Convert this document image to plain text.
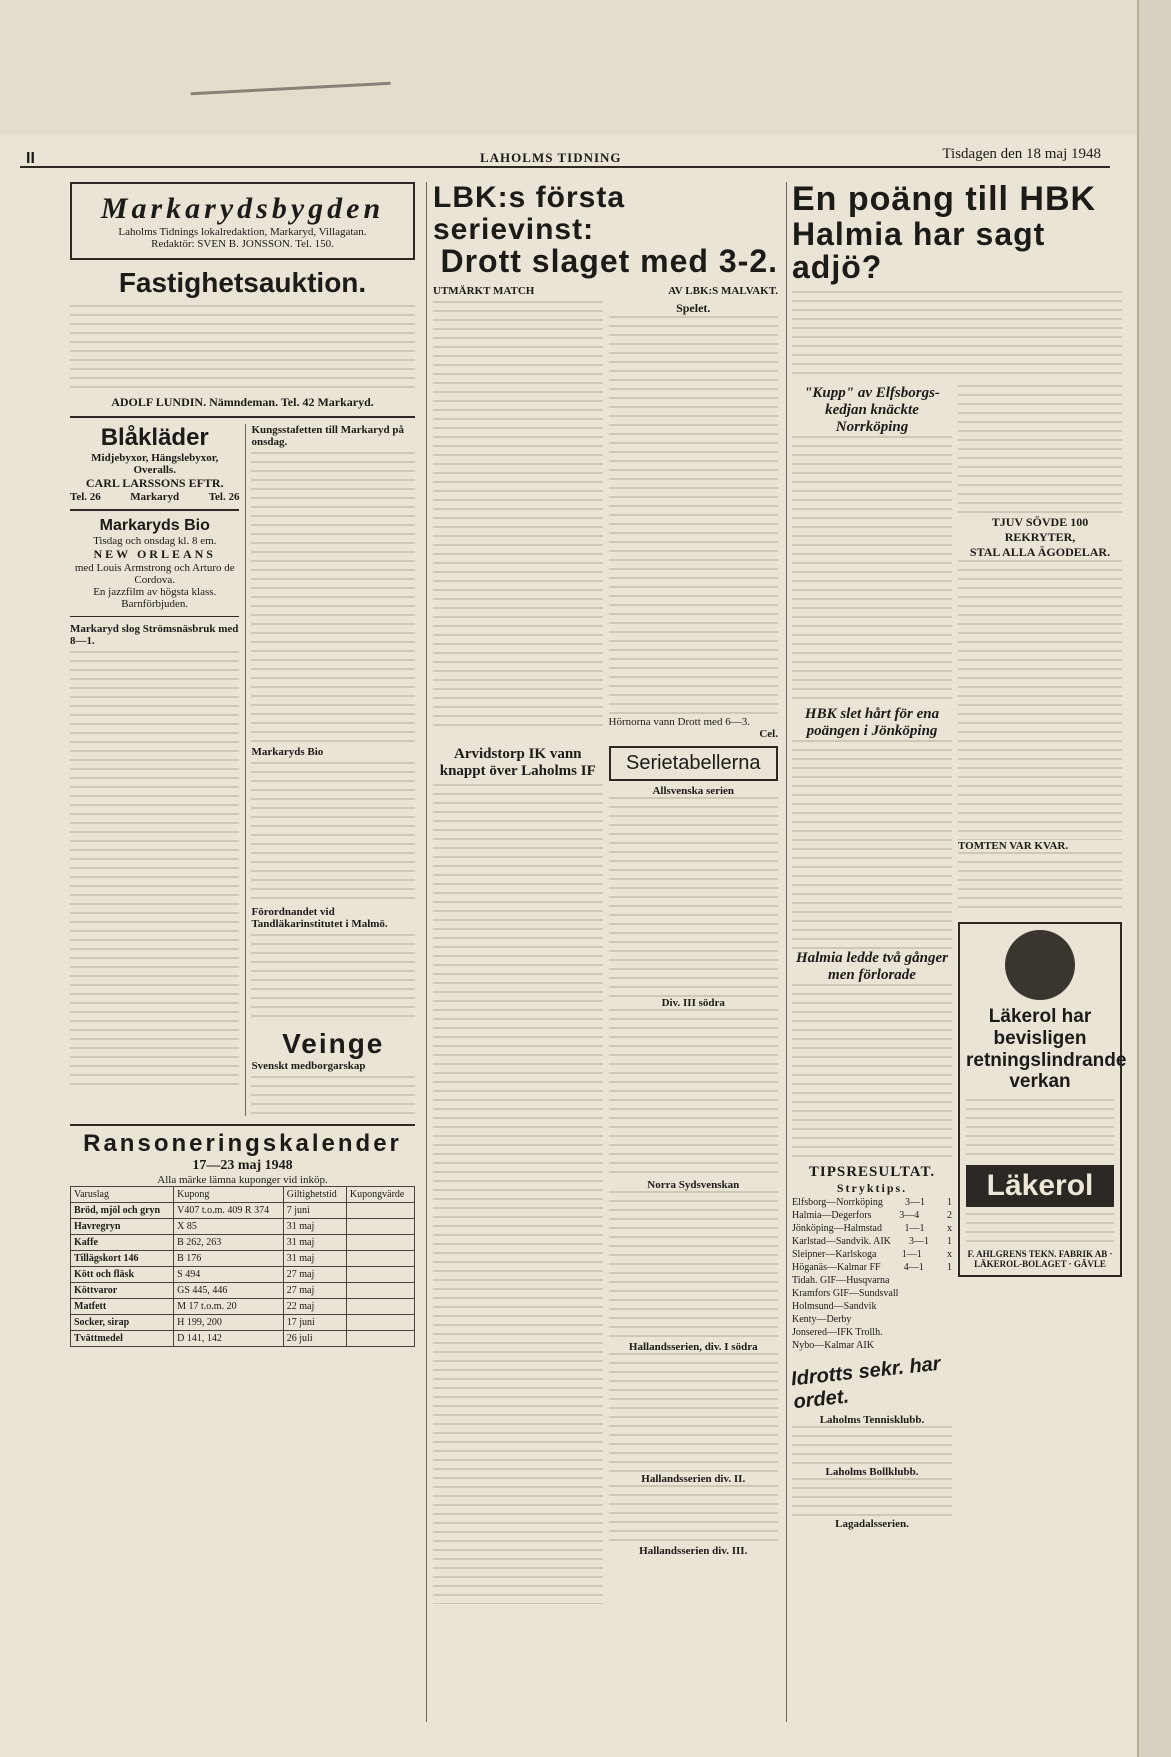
II	LAHOLMS TIDNING	Tisdagen den 18 maj 1948
Markarydsbygden
Laholms Tidnings lokalredaktion, Markaryd, Villagatan.
Redaktör: SVEN B. JONSSON. Tel. 150.
Fastighetsauktion.
ADOLF LUNDIN. Nämndeman. Tel. 42 Markaryd.
Blåkläder
Midjebyxor, Hängslebyxor, Overalls.
CARL LARSSONS EFTR.
Tel. 26	Markaryd	Tel. 26
Markaryds Bio
Tisdag och onsdag kl. 8 em.
NEW ORLEANS
med Louis Armstrong och Arturo de Cordova.
En jazzfilm av högsta klass. Barnförbjuden.
Markaryd slog Strömsnäsbruk med 8—1.
Kungsstafetten till Markaryd på onsdag.
Markaryds Bio
Förordnandet vid Tandläkarinstitutet i Malmö.
Veinge
Svenskt medborgarskap
Ransoneringskalender
17—23 maj 1948
Alla märke lämna kuponger vid inköp.
Varuslag	Kupong	Giltighetstid	Kupongvärde
Bröd, mjöl och gryn	V407 t.o.m. 409 R 374	7 juni	
Havregryn	X 85	31 maj	
Kaffe	B 262, 263	31 maj	
Tillägskort 146	B 176	31 maj	
Kött och fläsk	S 494	27 maj	
Köttvaror	GS 445, 446	27 maj	
Matfett	M 17 t.o.m. 20	22 maj	
Socker, sirap	H 199, 200	17 juni	
Tvättmedel	D 141, 142	26 juli	
LBK:s första serievinst:
Drott slaget med 3-2.
UTMÄRKT MATCH	AV LBK:S MALVAKT.
Spelet.
Hörnorna vann Drott med 6—3.
Cel.
Arvidstorp IK vann knappt över Laholms IF	Serietabellerna
Allsvenska serien
Div. III södra
Norra Sydsvenskan
Hallandsserien, div. I södra
Hallandsserien div. II.
Hallandsserien div. III.
En poäng till HBK
Halmia har sagt adjö?
"Kupp" av Elfsborgs-kedjan knäckte Norrköping
HBK slet hårt för ena poängen i Jönköping
Halmia ledde två gånger men förlorade
TIPSRESULTAT.
Stryktips.
Elfsborg—Norrköping 3—1 1
Halmia—Degerfors	3—4	2
Jönköping—Halmstad 1—1 x
Karlstad—Sandvik. AIK 3—1 1
Sleipner—Karlskoga	1—1	x
Höganäs—Kalmar FF 4—1 1
Tidah. GIF—Husqvarna
Kramfors GIF—Sundsvall
Holmsund—Sandvik
Kenty—Derby
Jonsered—IFK Trollh.
Nybo—Kalmar AIK
Idrotts sekr. har ordet.
Laholms Tennisklubb.
Laholms Bollklubb.
Lagadalsserien.
TJUV SÖVDE 100 REKRYTER,
STAL ALLA ÄGODELAR.
TOMTEN VAR KVAR.
Läkerol har bevisligen retningslindrande verkan
Läkerol
F. AHLGRENS TEKN. FABRIK AB · LÄKEROL-BOLAGET · GÄVLE
